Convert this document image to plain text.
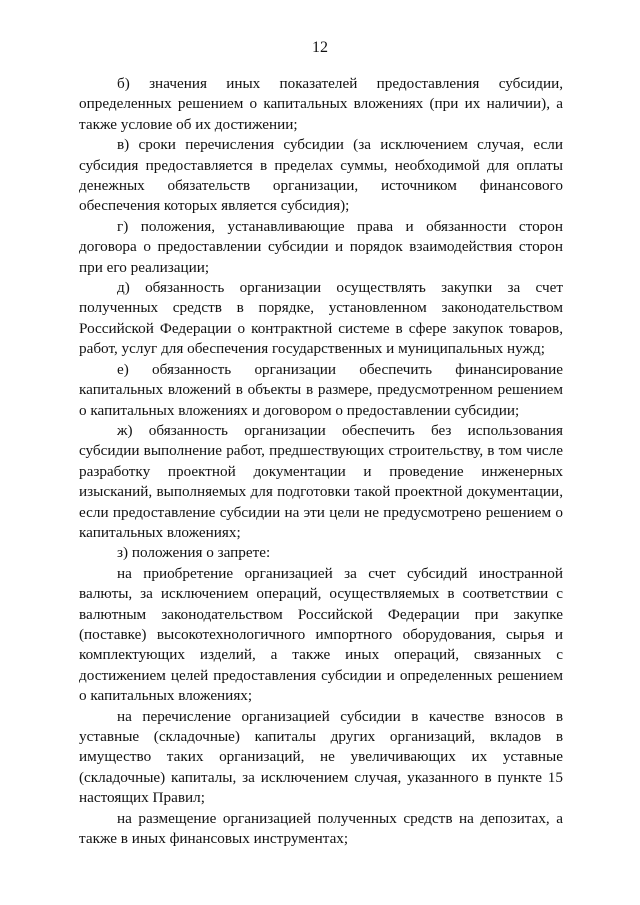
12

б) значения иных показателей предоставления субсидии, определенных решением о капитальных вложениях (при их наличии), а также условие об их достижении;

в) сроки перечисления субсидии (за исключением случая, если субсидия предоставляется в пределах суммы, необходимой для оплаты денежных обязательств организации, источником финансового обеспечения которых является субсидия);

г) положения, устанавливающие права и обязанности сторон договора о предоставлении субсидии и порядок взаимодействия сторон при его реализации;

д) обязанность организации осуществлять закупки за счет полученных средств в порядке, установленном законодательством Российской Федерации о контрактной системе в сфере закупок товаров, работ, услуг для обеспечения государственных и муниципальных нужд;

е) обязанность организации обеспечить финансирование капитальных вложений в объекты в размере, предусмотренном решением о капитальных вложениях и договором о предоставлении субсидии;

ж) обязанность организации обеспечить без использования субсидии выполнение работ, предшествующих строительству, в том числе разработку проектной документации и проведение инженерных изысканий, выполняемых для подготовки такой проектной документации, если предоставление субсидии на эти цели не предусмотрено решением о капитальных вложениях;

з) положения о запрете:

на приобретение организацией за счет субсидий иностранной валюты, за исключением операций, осуществляемых в соответствии с валютным законодательством Российской Федерации при закупке (поставке) высокотехнологичного импортного оборудования, сырья и комплектующих изделий, а также иных операций, связанных с достижением целей предоставления субсидии и определенных решением о капитальных вложениях;

на перечисление организацией субсидии в качестве взносов в уставные (складочные) капиталы других организаций, вкладов в имущество таких организаций, не увеличивающих их уставные (складочные) капиталы, за исключением случая, указанного в пункте 15 настоящих Правил;

на размещение организацией полученных средств на депозитах, а также в иных финансовых инструментах;
